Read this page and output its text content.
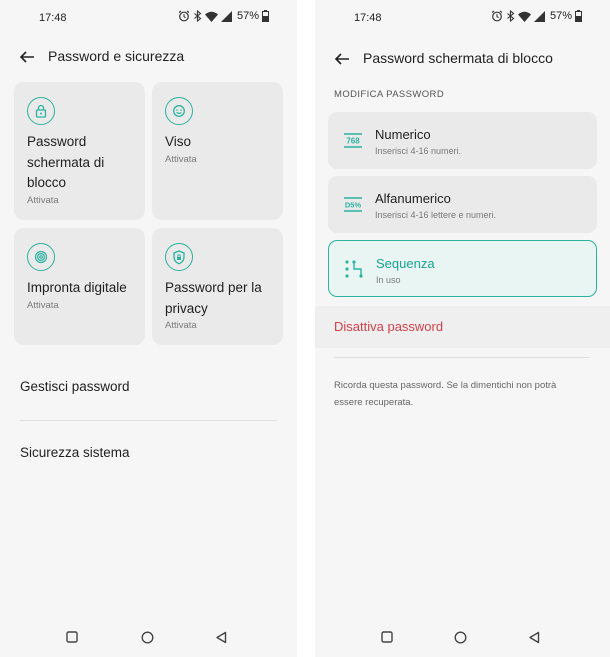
17:48	57%
Password e sicurezza
Password
schermata di
blocco
Attivata
Viso
Attivata
Impronta digitale
Attivata
Password per la
privacy
Attivata
Gestisci password
Sicurezza sistema
17:48	57%
Password schermata di blocco
MODIFICA PASSWORD
768 Numerico
Inserisci 4-16 numeri.
D5% Alfanumerico
Inserisci 4-16 lettere e numeri.
Sequenza
In uso
Disattiva password
Ricorda questa password. Se la dimentichi non potrà essere recuperata.
